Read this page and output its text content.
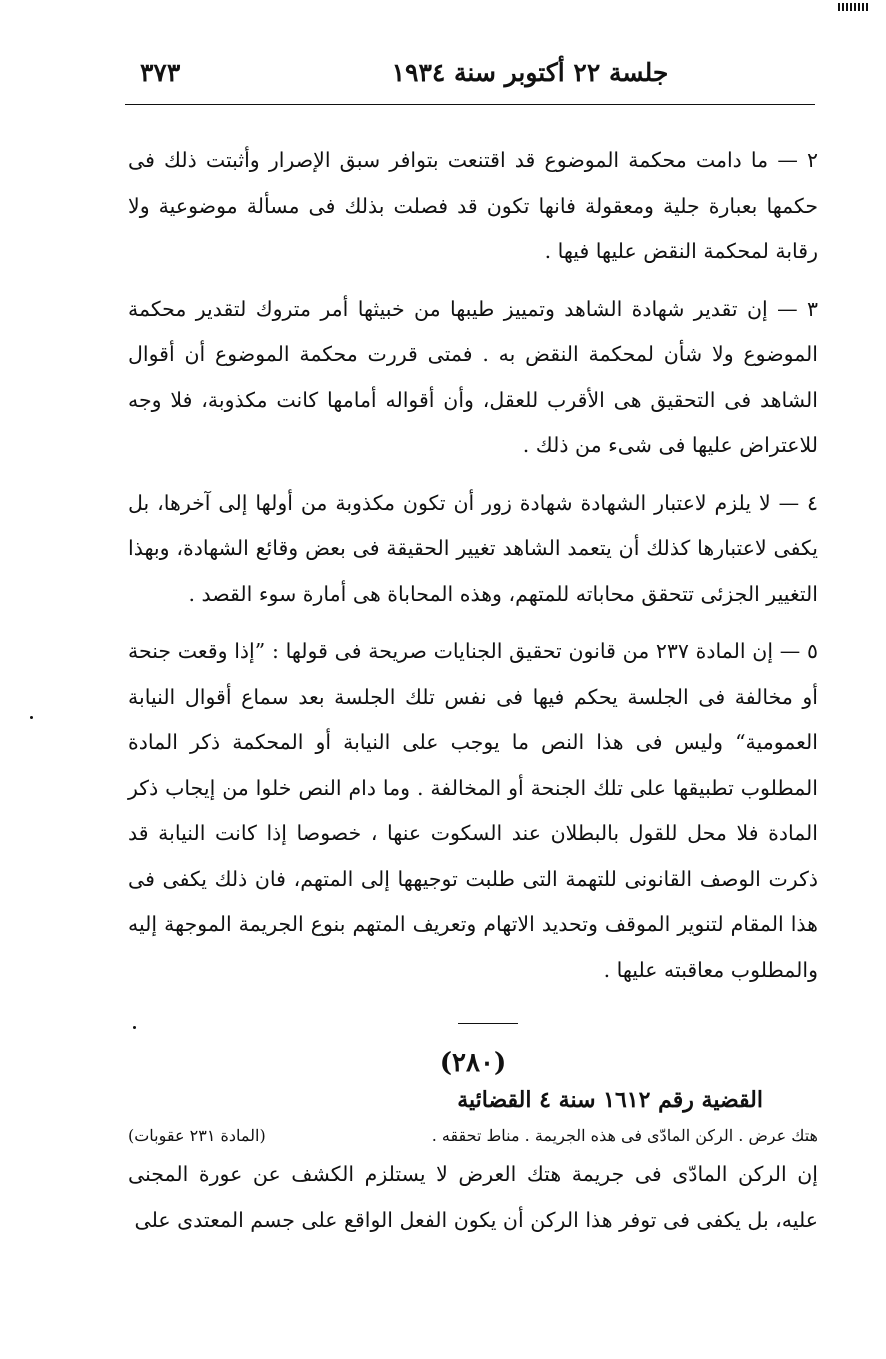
جلسة ٢٢ أكتوبر سنة ١٩٣٤
٣٧٣

٢ — ما دامت محكمة الموضوع قد اقتنعت بتوافر سبق الإصرار وأثبتت ذلك فى حكمها بعبارة جلية ومعقولة فانها تكون قد فصلت بذلك فى مسألة موضوعية ولا رقابة لمحكمة النقض عليها فيها .

٣ — إن تقدير شهادة الشاهد وتمييز طيبها من خبيثها أمر متروك لتقدير محكمة الموضوع ولا شأن لمحكمة النقض به . فمتى قررت محكمة الموضوع أن أقوال الشاهد فى التحقيق هى الأقرب للعقل، وأن أقواله أمامها كانت مكذوبة، فلا وجه للاعتراض عليها فى شىء من ذلك .

٤ — لا يلزم لاعتبار الشهادة شهادة زور أن تكون مكذوبة من أولها إلى آخرها، بل يكفى لاعتبارها كذلك أن يتعمد الشاهد تغيير الحقيقة فى بعض وقائع الشهادة، وبهذا التغيير الجزئى تتحقق محاباته للمتهم، وهذه المحاباة هى أمارة سوء القصد .

٥ — إن المادة ٢٣٧ من قانون تحقيق الجنايات صريحة فى قولها : ”إذا وقعت جنحة أو مخالفة فى الجلسة يحكم فيها فى نفس تلك الجلسة بعد سماع أقوال النيابة العمومية“ وليس فى هذا النص ما يوجب على النيابة أو المحكمة ذكر المادة المطلوب تطبيقها على تلك الجنحة أو المخالفة . وما دام النص خلوا من إيجاب ذكر المادة فلا محل للقول بالبطلان عند السكوت عنها ، خصوصا إذا كانت النيابة قد ذكرت الوصف القانونى للتهمة التى طلبت توجيهها إلى المتهم، فان ذلك يكفى فى هذا المقام لتنوير الموقف وتحديد الاتهام وتعريف المتهم بنوع الجريمة الموجهة إليه والمطلوب معاقبته عليها .

(٢٨٠)
القضية رقم ١٦١٢ سنة ٤ القضائية
هتك عرض . الركن المادّى فى هذه الجريمة . مناط تحققه .
(المادة ٢٣١ عقوبات)

إن الركن المادّى فى جريمة هتك العرض لا يستلزم الكشف عن عورة المجنى عليه، بل يكفى فى توفر هذا الركن أن يكون الفعل الواقع على جسم المعتدى على
